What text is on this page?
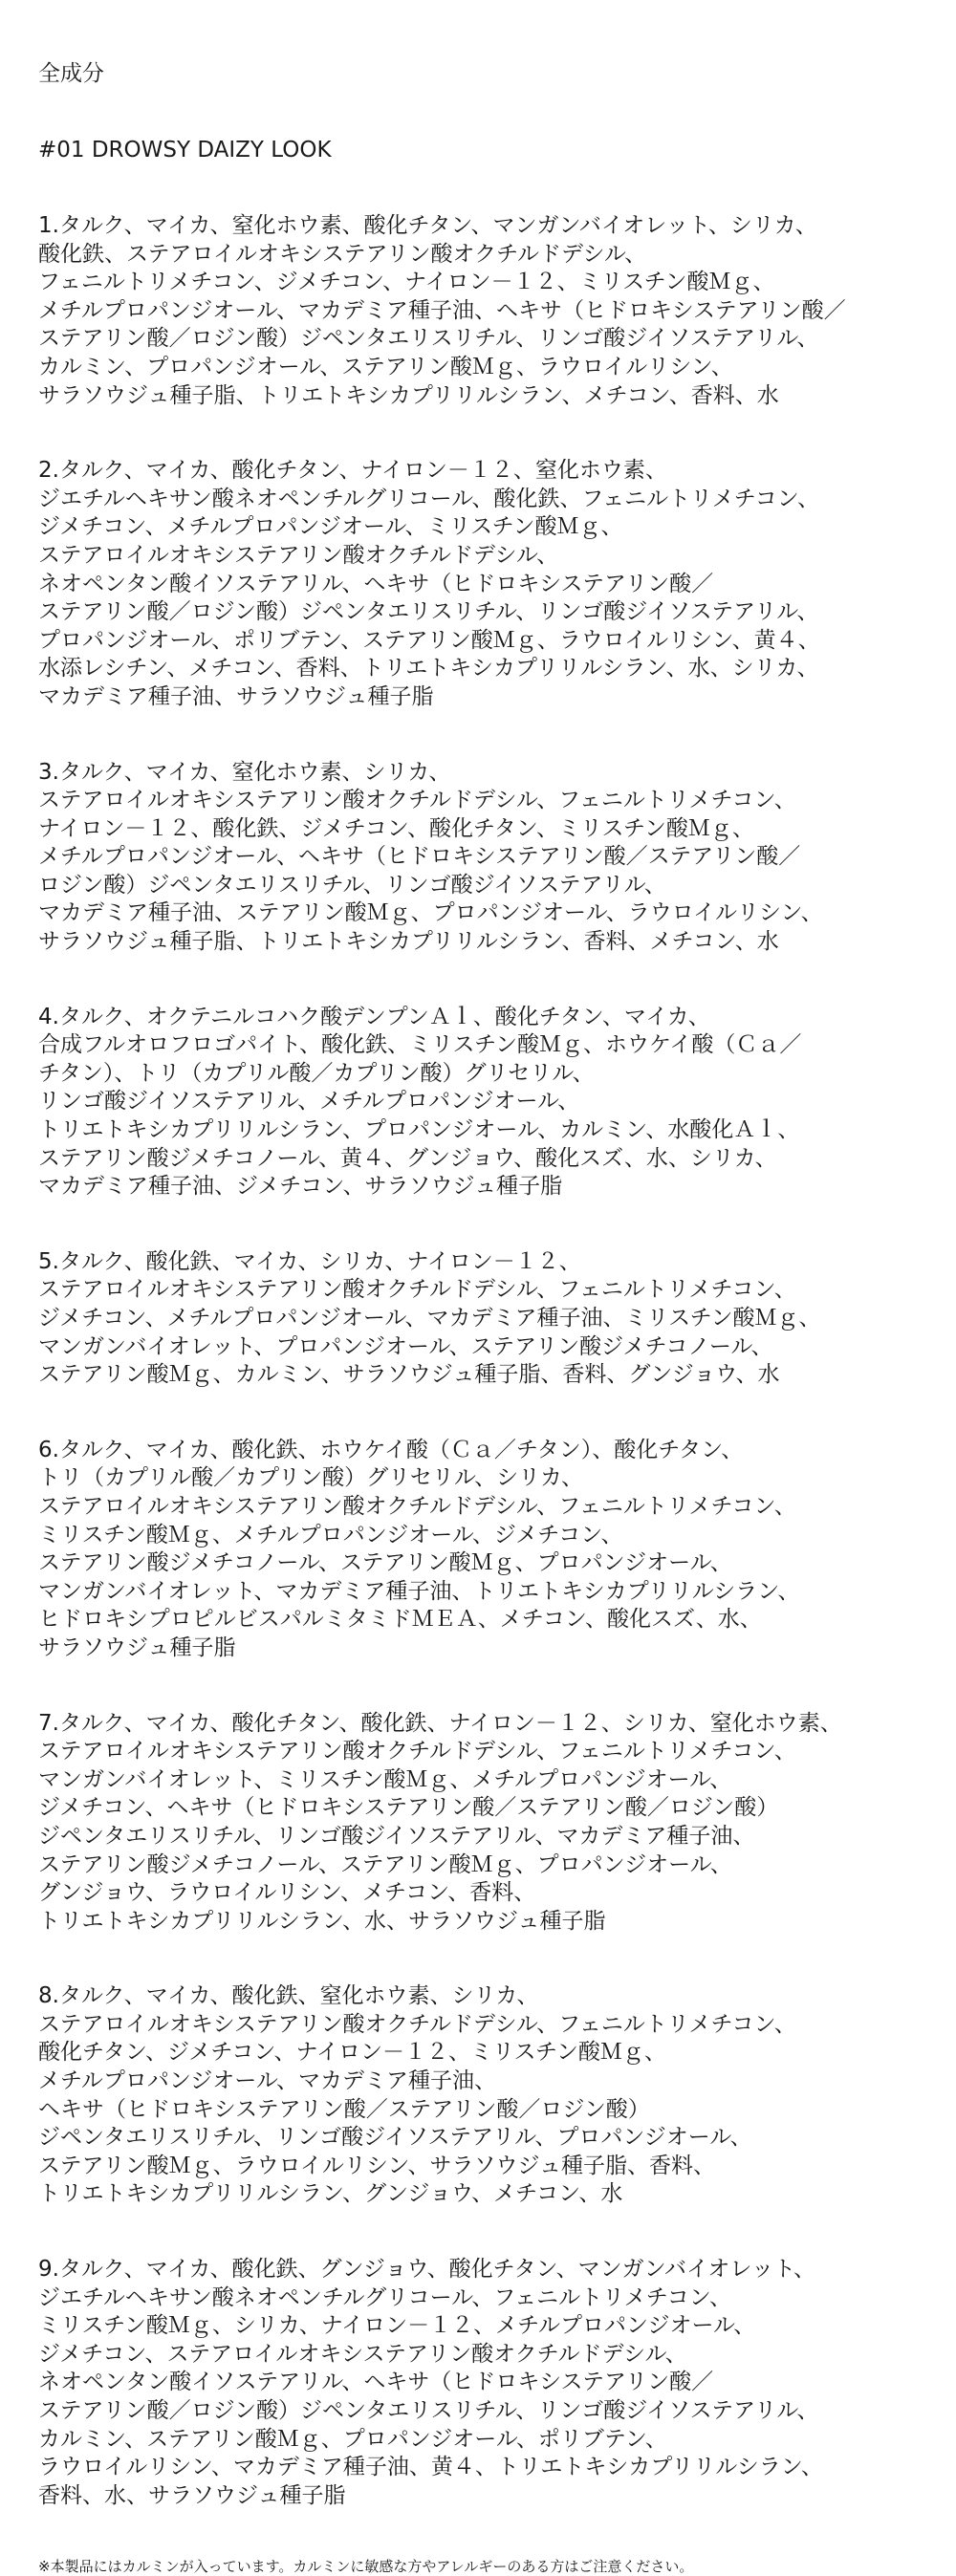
全成分
#01 DROWSY DAIZY LOOK
1.タルク、マイカ、窒化ホウ素、酸化チタン、マンガンバイオレット、シリカ、
酸化鉄、ステアロイルオキシステアリン酸オクチルドデシル、
フェニルトリメチコン、ジメチコン、ナイロン－１２、ミリスチン酸Ｍｇ、
メチルプロパンジオール、マカデミア種子油、ヘキサ（ヒドロキシステアリン酸／
ステアリン酸／ロジン酸）ジペンタエリスリチル、リンゴ酸ジイソステアリル、
カルミン、プロパンジオール、ステアリン酸Ｍｇ、ラウロイルリシン、
サラソウジュ種子脂、トリエトキシカプリリルシラン、メチコン、香料、水
2.タルク、マイカ、酸化チタン、ナイロン－１２、窒化ホウ素、
ジエチルヘキサン酸ネオペンチルグリコール、酸化鉄、フェニルトリメチコン、
ジメチコン、メチルプロパンジオール、ミリスチン酸Ｍｇ、
ステアロイルオキシステアリン酸オクチルドデシル、
ネオペンタン酸イソステアリル、ヘキサ（ヒドロキシステアリン酸／
ステアリン酸／ロジン酸）ジペンタエリスリチル、リンゴ酸ジイソステアリル、
プロパンジオール、ポリブテン、ステアリン酸Ｍｇ、ラウロイルリシン、黄４、
水添レシチン、メチコン、香料、トリエトキシカプリリルシラン、水、シリカ、
マカデミア種子油、サラソウジュ種子脂
3.タルク、マイカ、窒化ホウ素、シリカ、
ステアロイルオキシステアリン酸オクチルドデシル、フェニルトリメチコン、
ナイロン－１２、酸化鉄、ジメチコン、酸化チタン、ミリスチン酸Ｍｇ、
メチルプロパンジオール、ヘキサ（ヒドロキシステアリン酸／ステアリン酸／
ロジン酸）ジペンタエリスリチル、リンゴ酸ジイソステアリル、
マカデミア種子油、ステアリン酸Ｍｇ、プロパンジオール、ラウロイルリシン、
サラソウジュ種子脂、トリエトキシカプリリルシラン、香料、メチコン、水
4.タルク、オクテニルコハク酸デンプンＡｌ、酸化チタン、マイカ、
合成フルオロフロゴパイト、酸化鉄、ミリスチン酸Ｍｇ、ホウケイ酸（Ｃａ／
チタン）、トリ（カプリル酸／カプリン酸）グリセリル、
リンゴ酸ジイソステアリル、メチルプロパンジオール、
トリエトキシカプリリルシラン、プロパンジオール、カルミン、水酸化Ａｌ、
ステアリン酸ジメチコノール、黄４、グンジョウ、酸化スズ、水、シリカ、
マカデミア種子油、ジメチコン、サラソウジュ種子脂
5.タルク、酸化鉄、マイカ、シリカ、ナイロン－１２、
ステアロイルオキシステアリン酸オクチルドデシル、フェニルトリメチコン、
ジメチコン、メチルプロパンジオール、マカデミア種子油、ミリスチン酸Ｍｇ、
マンガンバイオレット、プロパンジオール、ステアリン酸ジメチコノール、
ステアリン酸Ｍｇ、カルミン、サラソウジュ種子脂、香料、グンジョウ、水
6.タルク、マイカ、酸化鉄、ホウケイ酸（Ｃａ／チタン）、酸化チタン、
トリ（カプリル酸／カプリン酸）グリセリル、シリカ、
ステアロイルオキシステアリン酸オクチルドデシル、フェニルトリメチコン、
ミリスチン酸Ｍｇ、メチルプロパンジオール、ジメチコン、
ステアリン酸ジメチコノール、ステアリン酸Ｍｇ、プロパンジオール、
マンガンバイオレット、マカデミア種子油、トリエトキシカプリリルシラン、
ヒドロキシプロピルビスパルミタミドＭＥＡ、メチコン、酸化スズ、水、
サラソウジュ種子脂
7.タルク、マイカ、酸化チタン、酸化鉄、ナイロン－１２、シリカ、窒化ホウ素、
ステアロイルオキシステアリン酸オクチルドデシル、フェニルトリメチコン、
マンガンバイオレット、ミリスチン酸Ｍｇ、メチルプロパンジオール、
ジメチコン、ヘキサ（ヒドロキシステアリン酸／ステアリン酸／ロジン酸）
ジペンタエリスリチル、リンゴ酸ジイソステアリル、マカデミア種子油、
ステアリン酸ジメチコノール、ステアリン酸Ｍｇ、プロパンジオール、
グンジョウ、ラウロイルリシン、メチコン、香料、
トリエトキシカプリリルシラン、水、サラソウジュ種子脂
8.タルク、マイカ、酸化鉄、窒化ホウ素、シリカ、
ステアロイルオキシステアリン酸オクチルドデシル、フェニルトリメチコン、
酸化チタン、ジメチコン、ナイロン－１２、ミリスチン酸Ｍｇ、
メチルプロパンジオール、マカデミア種子油、
ヘキサ（ヒドロキシステアリン酸／ステアリン酸／ロジン酸）
ジペンタエリスリチル、リンゴ酸ジイソステアリル、プロパンジオール、
ステアリン酸Ｍｇ、ラウロイルリシン、サラソウジュ種子脂、香料、
トリエトキシカプリリルシラン、グンジョウ、メチコン、水
9.タルク、マイカ、酸化鉄、グンジョウ、酸化チタン、マンガンバイオレット、
ジエチルヘキサン酸ネオペンチルグリコール、フェニルトリメチコン、
ミリスチン酸Ｍｇ、シリカ、ナイロン－１２、メチルプロパンジオール、
ジメチコン、ステアロイルオキシステアリン酸オクチルドデシル、
ネオペンタン酸イソステアリル、ヘキサ（ヒドロキシステアリン酸／
ステアリン酸／ロジン酸）ジペンタエリスリチル、リンゴ酸ジイソステアリル、
カルミン、ステアリン酸Ｍｇ、プロパンジオール、ポリブテン、
ラウロイルリシン、マカデミア種子油、黄４、トリエトキシカプリリルシラン、
香料、水、サラソウジュ種子脂

※本製品にはカルミンが入っています。カルミンに敏感な方やアレルギーのある方はご注意ください。
